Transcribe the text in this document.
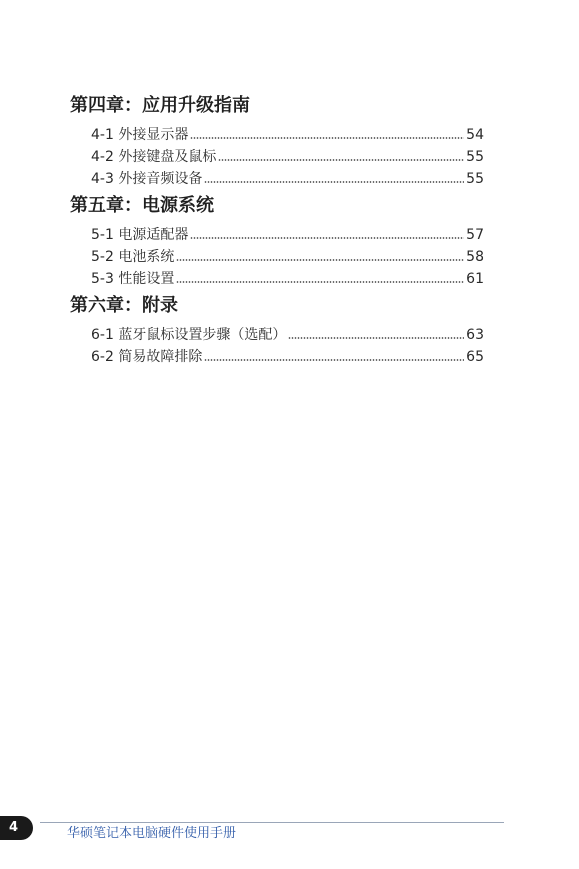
第四章：应用升级指南
4-1 外接显示器	54
4-2 外接键盘及鼠标	55
4-3 外接音频设备	55
第五章：电源系统
5-1 电源适配器	57
5-2 电池系统	58
5-3 性能设置	61
第六章：附录
6-1 蓝牙鼠标设置步骤（选配）	63
6-2 简易故障排除	65
4	华硕笔记本电脑硬件使用手册
